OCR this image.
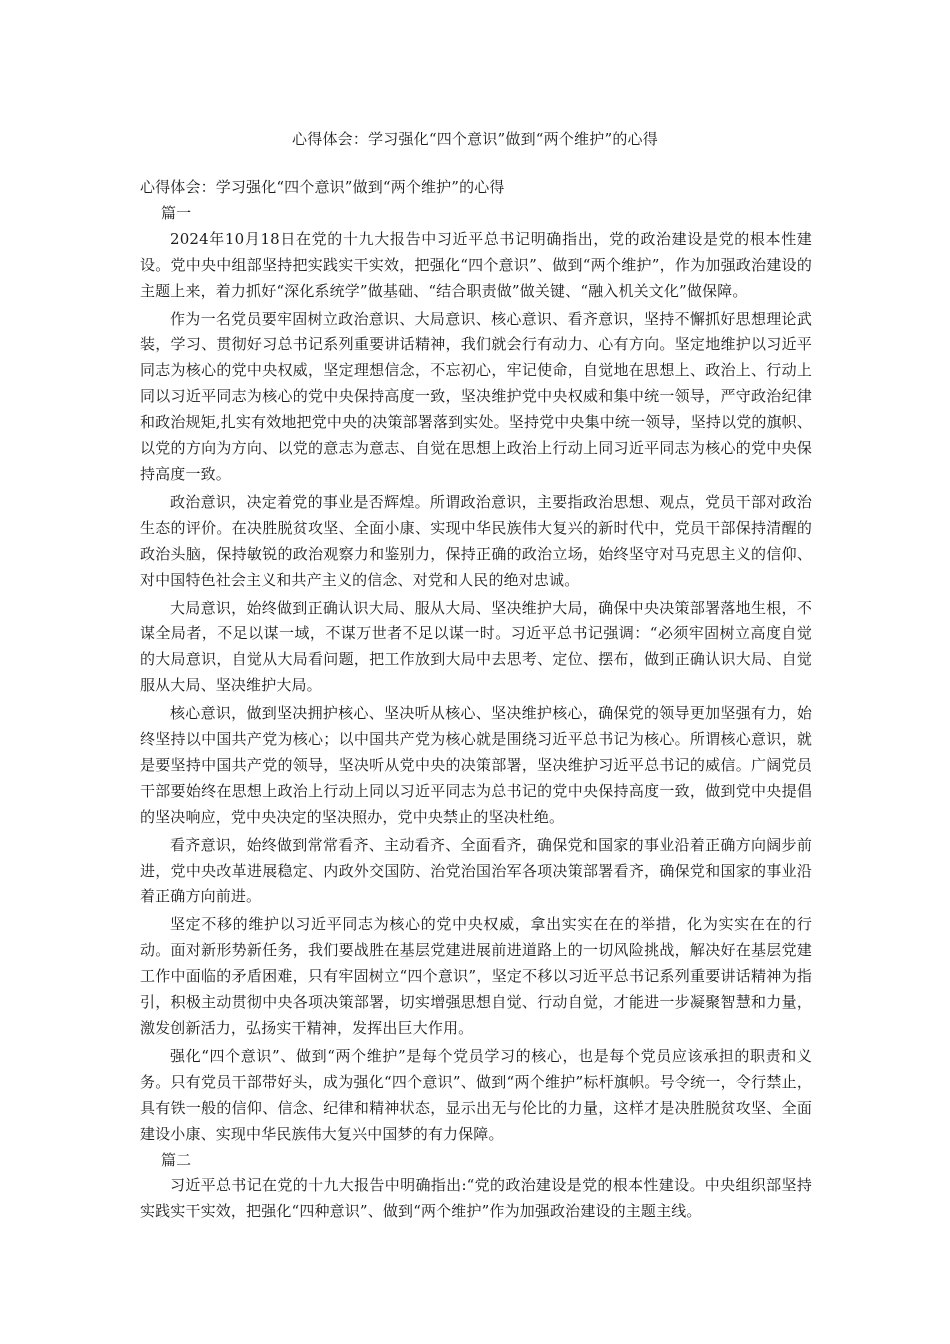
心得体会：学习强化“四个意识”做到“两个维护”的心得

心得体会：学习强化“四个意识”做到“两个维护”的心得

篇一

2024年10月18日在党的十九大报告中习近平总书记明确指出，党的政治建设是党的根本性建设。党中央中组部坚持把实践实干实效，把强化“四个意识”、做到“两个维护”，作为加强政治建设的主题上来，着力抓好“深化系统学”做基础、“结合职责做”做关键、“融入机关文化”做保障。

作为一名党员要牢固树立政治意识、大局意识、核心意识、看齐意识，坚持不懈抓好思想理论武装，学习、贯彻好习总书记系列重要讲话精神，我们就会行有动力、心有方向。坚定地维护以习近平同志为核心的党中央权威，坚定理想信念，不忘初心，牢记使命，自觉地在思想上、政治上、行动上同以习近平同志为核心的党中央保持高度一致，坚决维护党中央权威和集中统一领导，严守政治纪律和政治规矩,扎实有效地把党中央的决策部署落到实处。坚持党中央集中统一领导，坚持以党的旗帜、以党的方向为方向、以党的意志为意志、自觉在思想上政治上行动上同习近平同志为核心的党中央保持高度一致。

政治意识，决定着党的事业是否辉煌。所谓政治意识，主要指政治思想、观点，党员干部对政治生态的评价。在决胜脱贫攻坚、全面小康、实现中华民族伟大复兴的新时代中，党员干部保持清醒的政治头脑，保持敏锐的政治观察力和鉴别力，保持正确的政治立场，始终坚守对马克思主义的信仰、对中国特色社会主义和共产主义的信念、对党和人民的绝对忠诚。

大局意识，始终做到正确认识大局、服从大局、坚决维护大局，确保中央决策部署落地生根，不谋全局者，不足以谋一域，不谋万世者不足以谋一时。习近平总书记强调：“必须牢固树立高度自觉的大局意识，自觉从大局看问题，把工作放到大局中去思考、定位、摆布，做到正确认识大局、自觉服从大局、坚决维护大局。

核心意识，做到坚决拥护核心、坚决听从核心、坚决维护核心，确保党的领导更加坚强有力，始终坚持以中国共产党为核心；以中国共产党为核心就是围绕习近平总书记为核心。所谓核心意识，就是要坚持中国共产党的领导，坚决听从党中央的决策部署，坚决维护习近平总书记的威信。广阔党员干部要始终在思想上政治上行动上同以习近平同志为总书记的党中央保持高度一致，做到党中央提倡的坚决响应，党中央决定的坚决照办，党中央禁止的坚决杜绝。

看齐意识，始终做到常常看齐、主动看齐、全面看齐，确保党和国家的事业沿着正确方向阔步前进，党中央改革进展稳定、内政外交国防、治党治国治军各项决策部署看齐，确保党和国家的事业沿着正确方向前进。

坚定不移的维护以习近平同志为核心的党中央权威，拿出实实在在的举措，化为实实在在的行动。面对新形势新任务，我们要战胜在基层党建进展前进道路上的一切风险挑战，解决好在基层党建工作中面临的矛盾困难，只有牢固树立“四个意识”，坚定不移以习近平总书记系列重要讲话精神为指引，积极主动贯彻中央各项决策部署，切实增强思想自觉、行动自觉，才能进一步凝聚智慧和力量，激发创新活力，弘扬实干精神，发挥出巨大作用。

强化“四个意识”、做到“两个维护”是每个党员学习的核心，也是每个党员应该承担的职责和义务。只有党员干部带好头，成为强化“四个意识”、做到“两个维护”标杆旗帜。号令统一，令行禁止，具有铁一般的信仰、信念、纪律和精神状态，显示出无与伦比的力量，这样才是决胜脱贫攻坚、全面建设小康、实现中华民族伟大复兴中国梦的有力保障。

篇二

习近平总书记在党的十九大报告中明确指出:“党的政治建设是党的根本性建设。中央组织部坚持实践实干实效，把强化“四种意识”、做到“两个维护”作为加强政治建设的主题主线。
